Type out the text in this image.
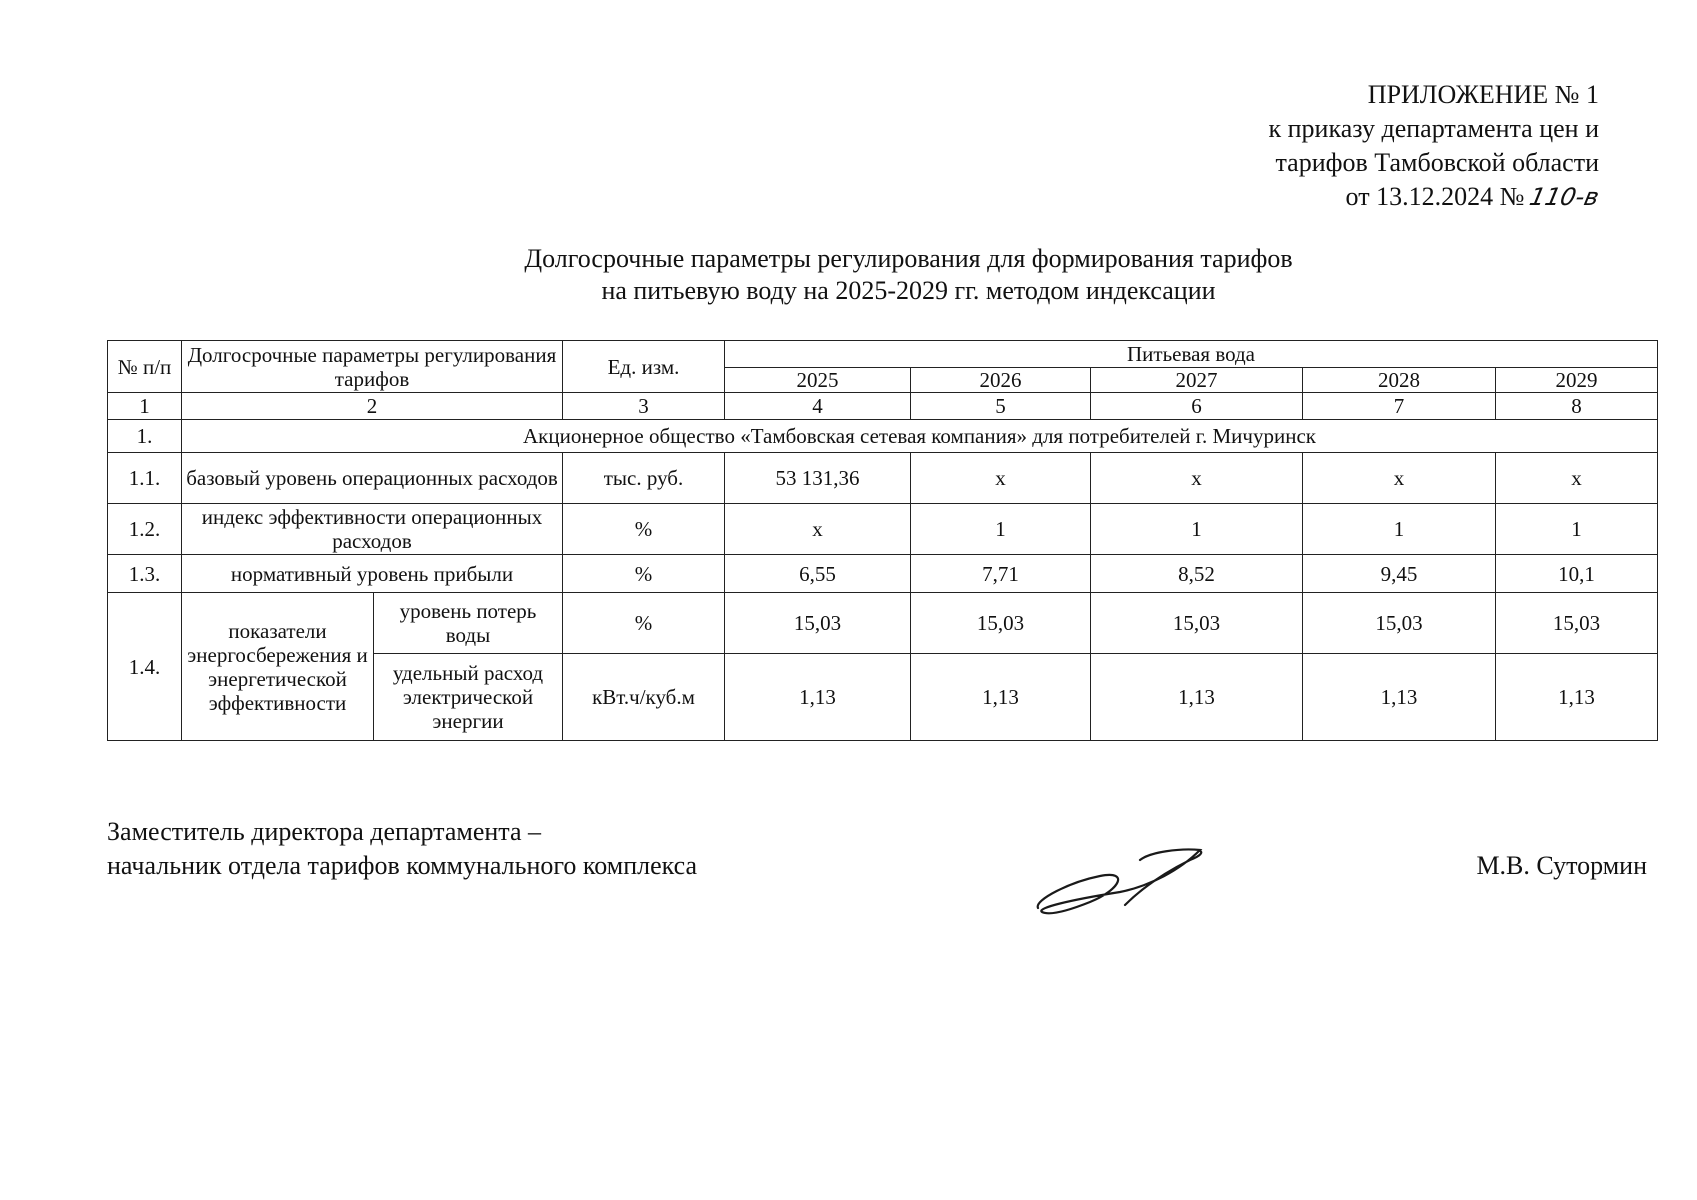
ПРИЛОЖЕНИЕ № 1
к приказу департамента цен и
тарифов Тамбовской области
от 13.12.2024 № 110-в
Долгосрочные параметры регулирования для формирования тарифов
на питьевую воду на 2025-2029 гг. методом индексации
№ п/п	Долгосрочные параметры регулирования тарифов		Ед. изм.	Питьевая вода				
				2025	2026	2027	2028	2029
1	2		3	4	5	6	7	8
1.	Акционерное общество «Тамбовская сетевая компания» для потребителей г. Мичуринск							
1.1.	базовый уровень операционных расходов		тыс. руб.	53 131,36	х	х	х	х
1.2.	индекс эффективности операционных расходов		%	х	1	1	1	1
1.3.	нормативный уровень прибыли		%	6,55	7,71	8,52	9,45	10,1
1.4.	показатели энергосбережения и энергетической эффективности	уровень потерь воды	%	15,03	15,03	15,03	15,03	15,03
		удельный расход электрической энергии	кВт.ч/куб.м	1,13	1,13	1,13	1,13	1,13
Заместитель директора департамента –
начальник отдела тарифов коммунального комплекса	М.В. Сутормин
